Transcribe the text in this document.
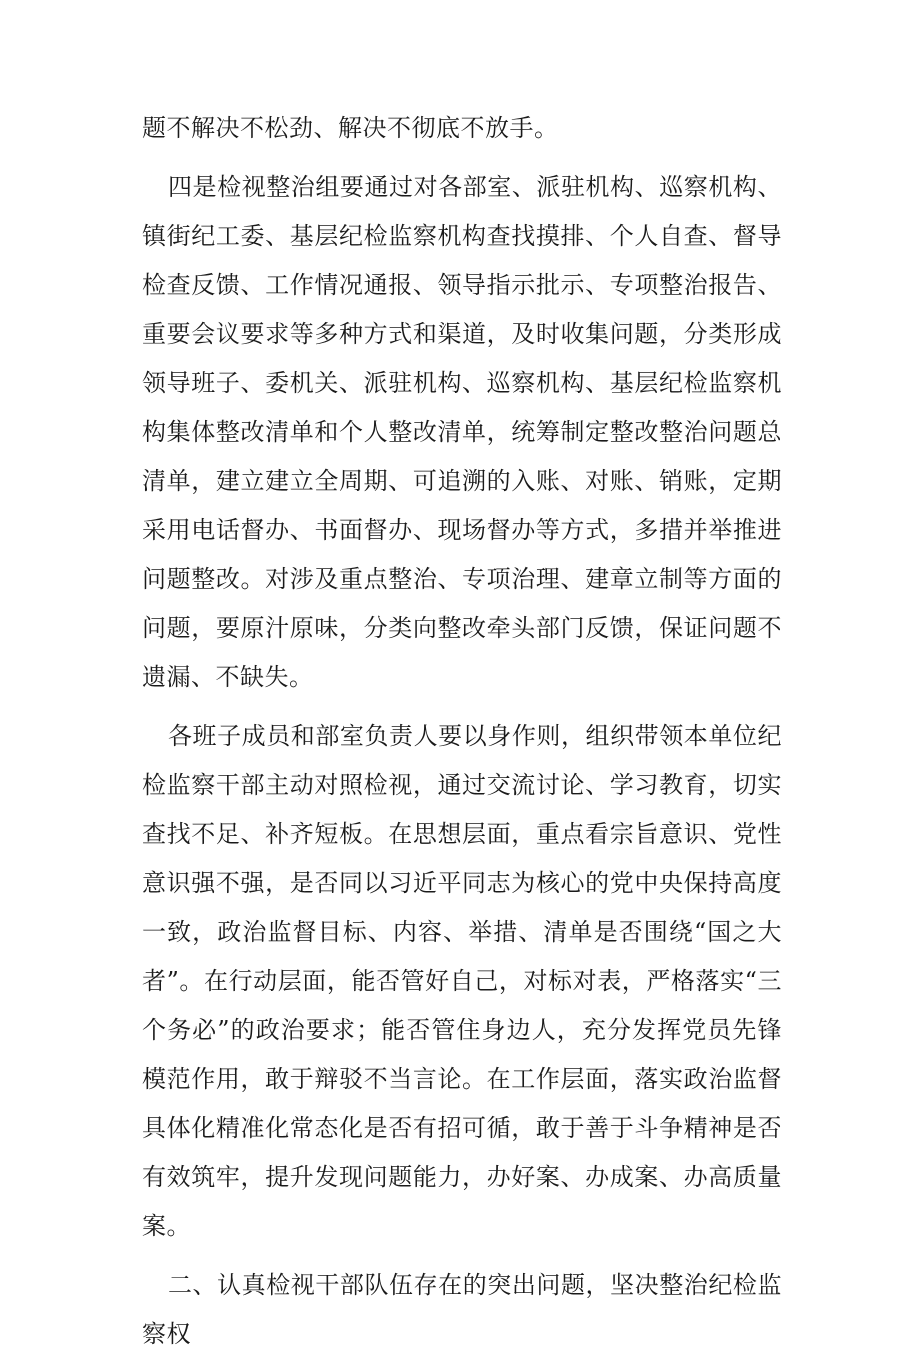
题不解决不松劲、解决不彻底不放手。

四是检视整治组要通过对各部室、派驻机构、巡察机构、镇街纪工委、基层纪检监察机构查找摸排、个人自查、督导检查反馈、工作情况通报、领导指示批示、专项整治报告、重要会议要求等多种方式和渠道，及时收集问题，分类形成领导班子、委机关、派驻机构、巡察机构、基层纪检监察机构集体整改清单和个人整改清单，统筹制定整改整治问题总清单，建立建立全周期、可追溯的入账、对账、销账，定期采用电话督办、书面督办、现场督办等方式，多措并举推进问题整改。对涉及重点整治、专项治理、建章立制等方面的问题，要原汁原味，分类向整改牵头部门反馈，保证问题不遗漏、不缺失。

各班子成员和部室负责人要以身作则，组织带领本单位纪检监察干部主动对照检视，通过交流讨论、学习教育，切实查找不足、补齐短板。在思想层面，重点看宗旨意识、党性意识强不强，是否同以习近平同志为核心的党中央保持高度一致，政治监督目标、内容、举措、清单是否围绕“国之大者”。在行动层面，能否管好自己，对标对表，严格落实“三个务必”的政治要求；能否管住身边人，充分发挥党员先锋模范作用，敢于辩驳不当言论。在工作层面，落实政治监督具体化精准化常态化是否有招可循，敢于善于斗争精神是否有效筑牢，提升发现问题能力，办好案、办成案、办高质量案。

二、认真检视干部队伍存在的突出问题，坚决整治纪检监察权
